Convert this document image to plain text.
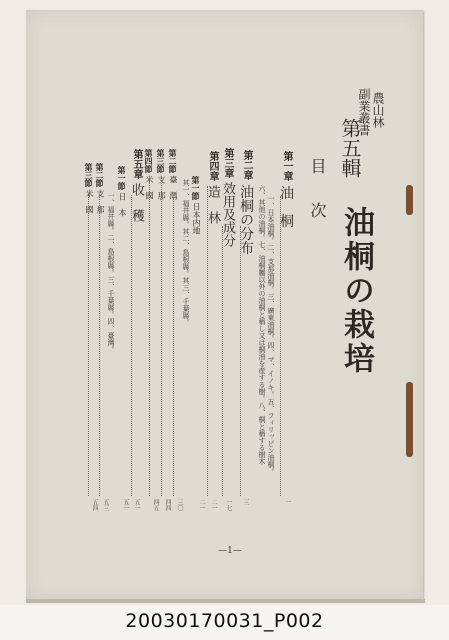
農山林
副業叢書
第五輯
油桐の栽培
目　次
第一章 油　桐
一、日本油桐。二、支那油桐。三、廣東油桐。四、マ、イノキ。五、フィリッピン油桐。
六、其他の油桐。七、油桐屬以外の油桐と稱し又は桐油を産する樹。八、桐と稱する樹木
第二章 油桐の分布
第三章 效用及成分
第四章 造　林
第一節 日本内地
其一、福井縣。其二、島根縣。其三、千葉縣。
第二節 臺　灣
第三節 支　那
第四節 米　國
第五章 收　穫
第一節 日　本
一、福井縣。二、島根縣。三、千葉縣。四、臺灣。
第二節 支　那
第三節 米　國
一
三
一七
二一
二一
三〇
四四
四五
五一
五一
五三
五四
—1—
20030170031_P002
